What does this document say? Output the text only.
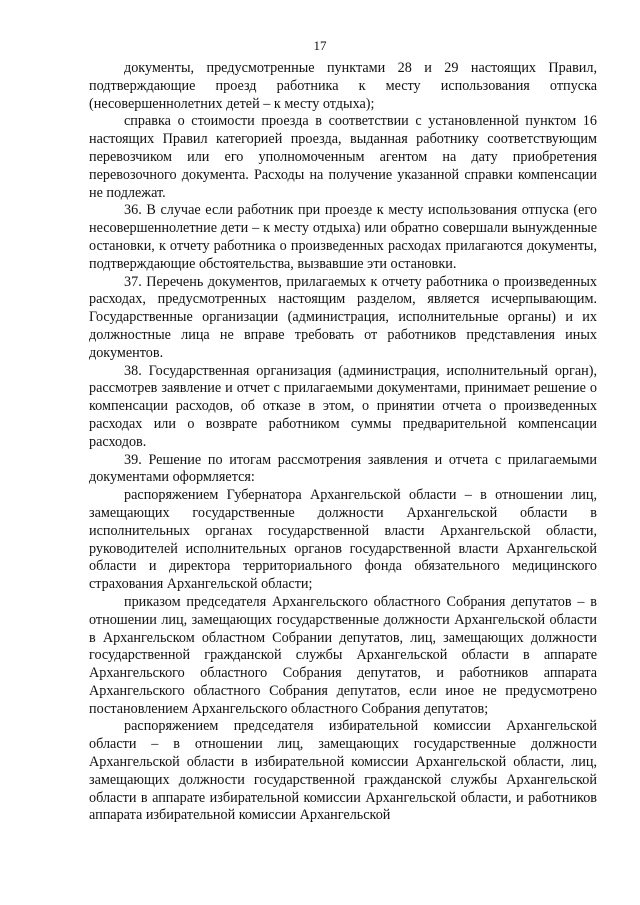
17

документы, предусмотренные пунктами 28 и 29 настоящих Правил, подтверждающие проезд работника к месту использования отпуска (несовершеннолетних детей – к месту отдыха);

справка о стоимости проезда в соответствии с установленной пунктом 16 настоящих Правил категорией проезда, выданная работнику соответствующим перевозчиком или его уполномоченным агентом на дату приобретения перевозочного документа. Расходы на получение указанной справки компенсации не подлежат.

36. В случае если работник при проезде к месту использования отпуска (его несовершеннолетние дети – к месту отдыха) или обратно совершали вынужденные остановки, к отчету работника о произведенных расходах прилагаются документы, подтверждающие обстоятельства, вызвавшие эти остановки.

37. Перечень документов, прилагаемых к отчету работника о произведенных расходах, предусмотренных настоящим разделом, является исчерпывающим. Государственные организации (администрация, исполнительные органы) и их должностные лица не вправе требовать от работников представления иных документов.

38. Государственная организация (администрация, исполнительный орган), рассмотрев заявление и отчет с прилагаемыми документами, принимает решение о компенсации расходов, об отказе в этом, о принятии отчета о произведенных расходах или о возврате работником суммы предварительной компенсации расходов.

39. Решение по итогам рассмотрения заявления и отчета с прилагаемыми документами оформляется:

распоряжением Губернатора Архангельской области – в отношении лиц, замещающих государственные должности Архангельской области в исполнительных органах государственной власти Архангельской области, руководителей исполнительных органов государственной власти Архангельской области и директора территориального фонда обязательного медицинского страхования Архангельской области;

приказом председателя Архангельского областного Собрания депутатов – в отношении лиц, замещающих государственные должности Архангельской области в Архангельском областном Собрании депутатов, лиц, замещающих должности государственной гражданской службы Архангельской области в аппарате Архангельского областного Собрания депутатов, и работников аппарата Архангельского областного Собрания депутатов, если иное не предусмотрено постановлением Архангельского областного Собрания депутатов;

распоряжением председателя избирательной комиссии Архангельской области – в отношении лиц, замещающих государственные должности Архангельской области в избирательной комиссии Архангельской области, лиц, замещающих должности государственной гражданской службы Архангельской области в аппарате избирательной комиссии Архангельской области, и работников аппарата избирательной комиссии Архангельской
